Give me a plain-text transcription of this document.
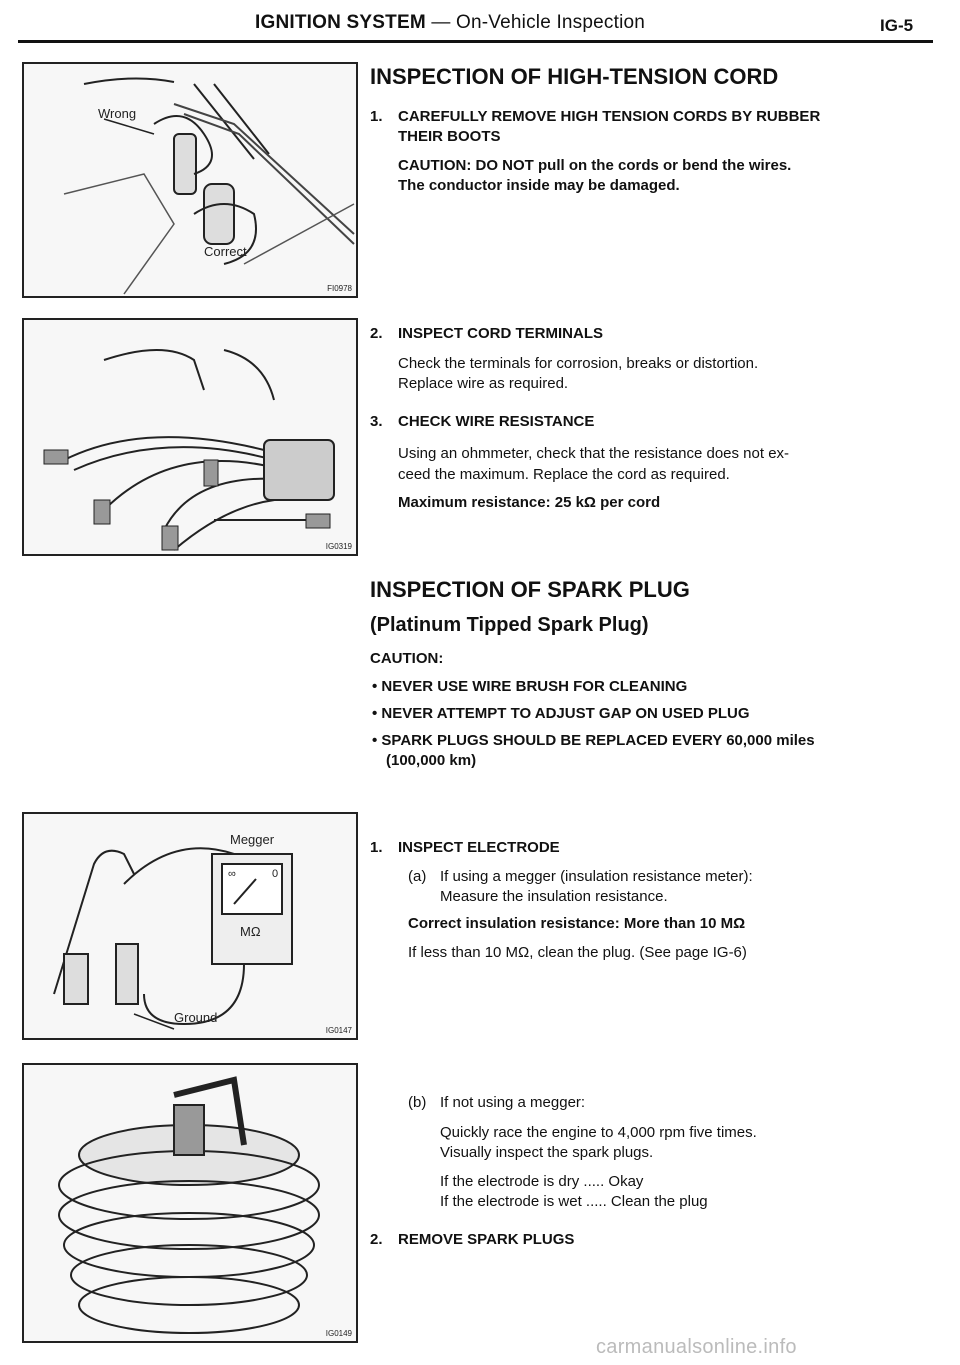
IGNITION SYSTEM — On-Vehicle Inspection	IG-5
Wrong
Correct
FI0978
IG0319
Megger
∞	0
MΩ
Ground
IG0147
IG0149
INSPECTION OF HIGH-TENSION CORD
1. CAREFULLY REMOVE HIGH TENSION CORDS BY RUBBER
THEIR BOOTS
CAUTION: DO NOT pull on the cords or bend the wires.
The conductor inside may be damaged.
2. INSPECT CORD TERMINALS
Check the terminals for corrosion, breaks or distortion.
Replace wire as required.
3. CHECK WIRE RESISTANCE
Using an ohmmeter, check that the resistance does not ex-
ceed the maximum. Replace the cord as required.
Maximum resistance: 25 kΩ per cord
INSPECTION OF SPARK PLUG
(Platinum Tipped Spark Plug)
CAUTION:
• NEVER USE WIRE BRUSH FOR CLEANING
• NEVER ATTEMPT TO ADJUST GAP ON USED PLUG
• SPARK PLUGS SHOULD BE REPLACED EVERY 60,000 miles
(100,000 km)
1. INSPECT ELECTRODE
(a) If using a megger (insulation resistance meter):
Measure the insulation resistance.
Correct insulation resistance: More than 10 MΩ
If less than 10 MΩ, clean the plug. (See page IG-6)
(b) If not using a megger:
Quickly race the engine to 4,000 rpm five times.
Visually inspect the spark plugs.
If the electrode is dry ..... Okay
If the electrode is wet ..... Clean the plug
2. REMOVE SPARK PLUGS
carmanualsonline.info
